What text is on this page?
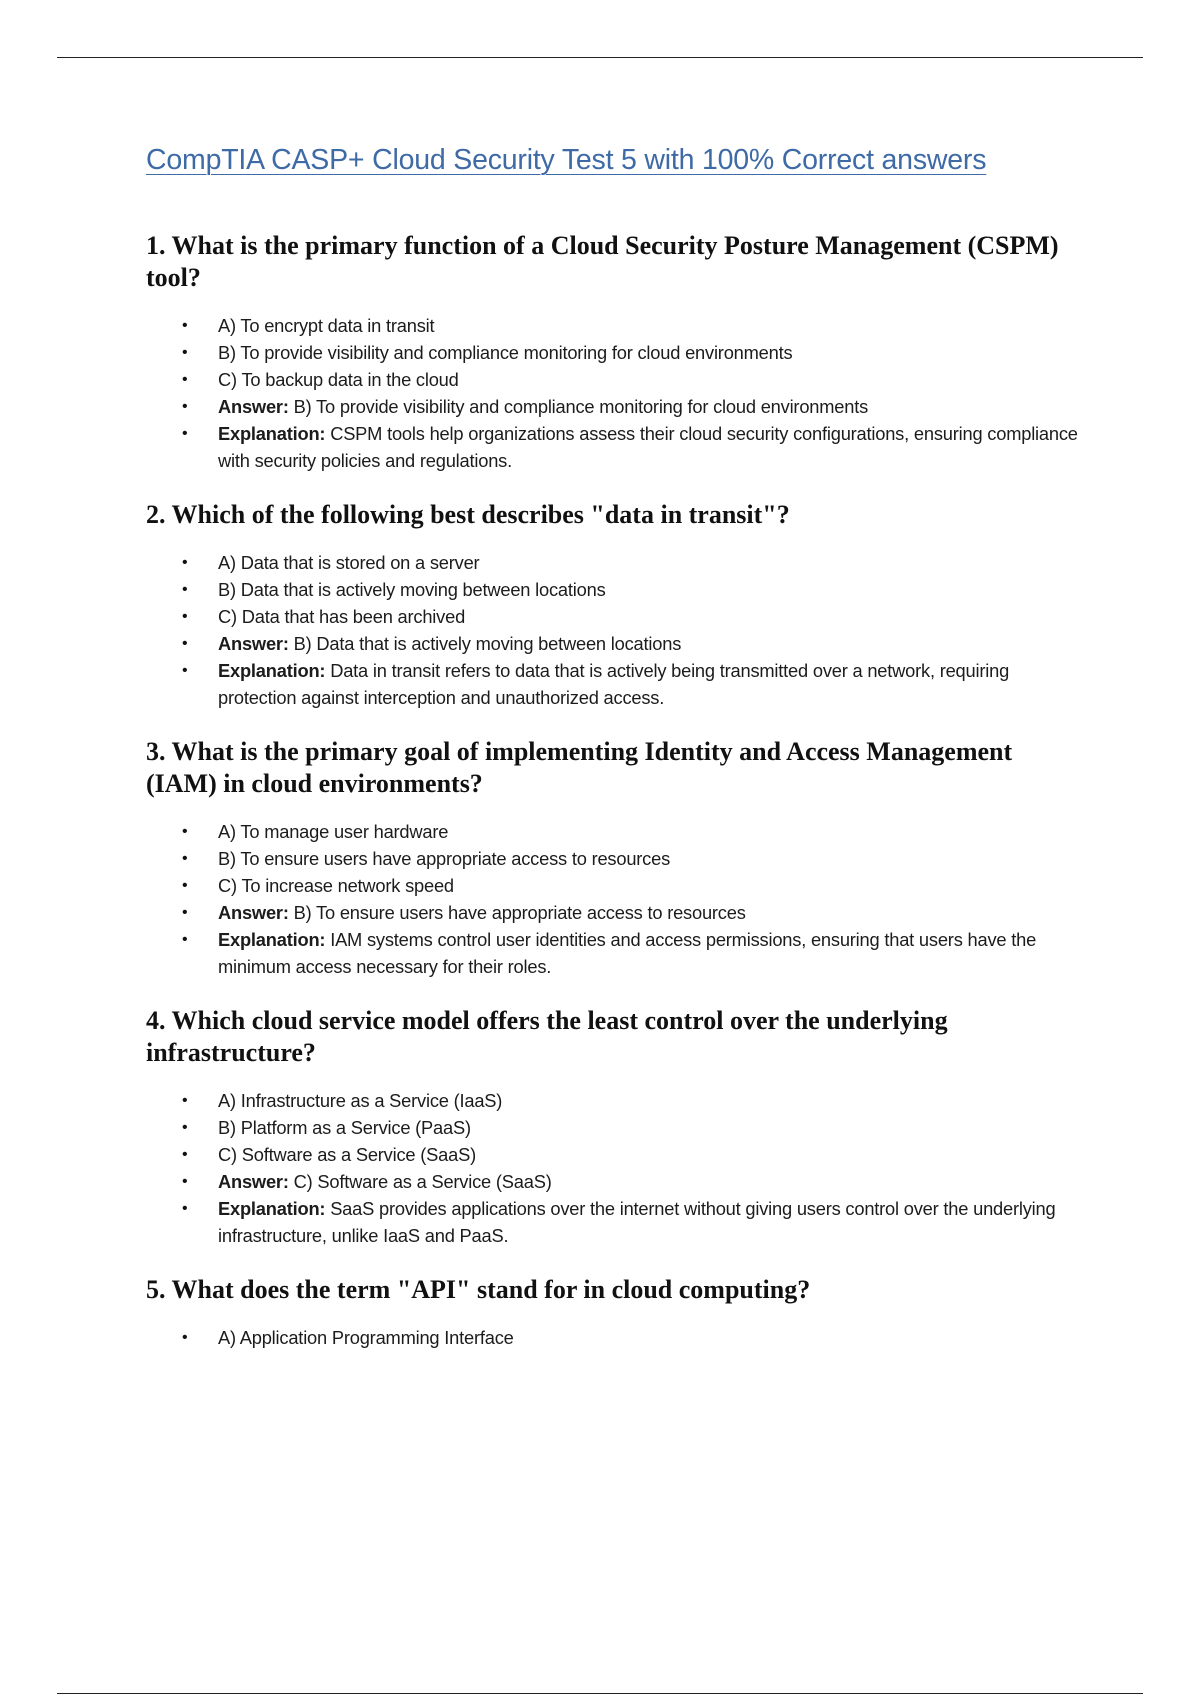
CompTIA CASP+ Cloud Security Test 5 with 100% Correct answers
1. What is the primary function of a Cloud Security Posture Management (CSPM) tool?
• A) To encrypt data in transit
• B) To provide visibility and compliance monitoring for cloud environments
• C) To backup data in the cloud
• Answer: B) To provide visibility and compliance monitoring for cloud environments
• Explanation: CSPM tools help organizations assess their cloud security configurations, ensuring compliance with security policies and regulations.
2. Which of the following best describes "data in transit"?
• A) Data that is stored on a server
• B) Data that is actively moving between locations
• C) Data that has been archived
• Answer: B) Data that is actively moving between locations
• Explanation: Data in transit refers to data that is actively being transmitted over a network, requiring protection against interception and unauthorized access.
3. What is the primary goal of implementing Identity and Access Management (IAM) in cloud environments?
• A) To manage user hardware
• B) To ensure users have appropriate access to resources
• C) To increase network speed
• Answer: B) To ensure users have appropriate access to resources
• Explanation: IAM systems control user identities and access permissions, ensuring that users have the minimum access necessary for their roles.
4. Which cloud service model offers the least control over the underlying infrastructure?
• A) Infrastructure as a Service (IaaS)
• B) Platform as a Service (PaaS)
• C) Software as a Service (SaaS)
• Answer: C) Software as a Service (SaaS)
• Explanation: SaaS provides applications over the internet without giving users control over the underlying infrastructure, unlike IaaS and PaaS.
5. What does the term "API" stand for in cloud computing?
• A) Application Programming Interface
